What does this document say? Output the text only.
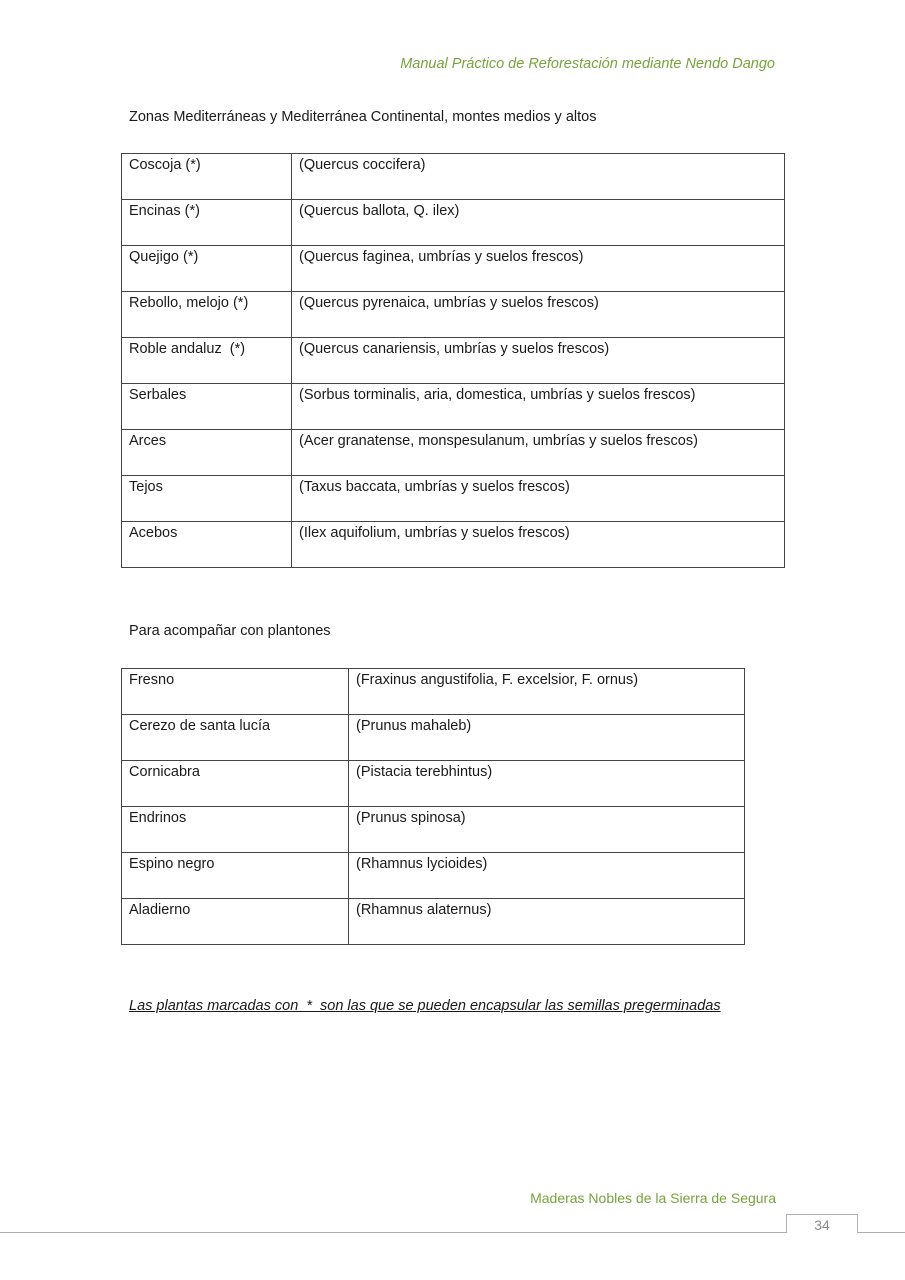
Manual Práctico de Reforestación mediante Nendo Dango
Zonas Mediterráneas y Mediterránea Continental, montes medios y altos
Coscoja (*)	(Quercus coccifera)
Encinas (*)	(Quercus ballota, Q. ilex)
Quejigo (*)	(Quercus faginea, umbrías y suelos frescos)
Rebollo, melojo (*)	(Quercus pyrenaica, umbrías y suelos frescos)
Roble andaluz  (*)	(Quercus canariensis, umbrías y suelos frescos)
Serbales	(Sorbus torminalis, aria, domestica, umbrías y suelos frescos)
Arces	(Acer granatense, monspesulanum, umbrías y suelos frescos)
Tejos	(Taxus baccata, umbrías y suelos frescos)
Acebos	(Ilex aquifolium, umbrías y suelos frescos)
Para acompañar con plantones
Fresno	(Fraxinus angustifolia, F. excelsior, F. ornus)
Cerezo de santa lucía	(Prunus mahaleb)
Cornicabra	(Pistacia terebhintus)
Endrinos	(Prunus spinosa)
Espino negro	(Rhamnus lycioides)
Aladierno	(Rhamnus alaternus)
Las plantas marcadas con  *  son las que se pueden encapsular las semillas pregerminadas
Maderas Nobles de la Sierra de Segura
34
